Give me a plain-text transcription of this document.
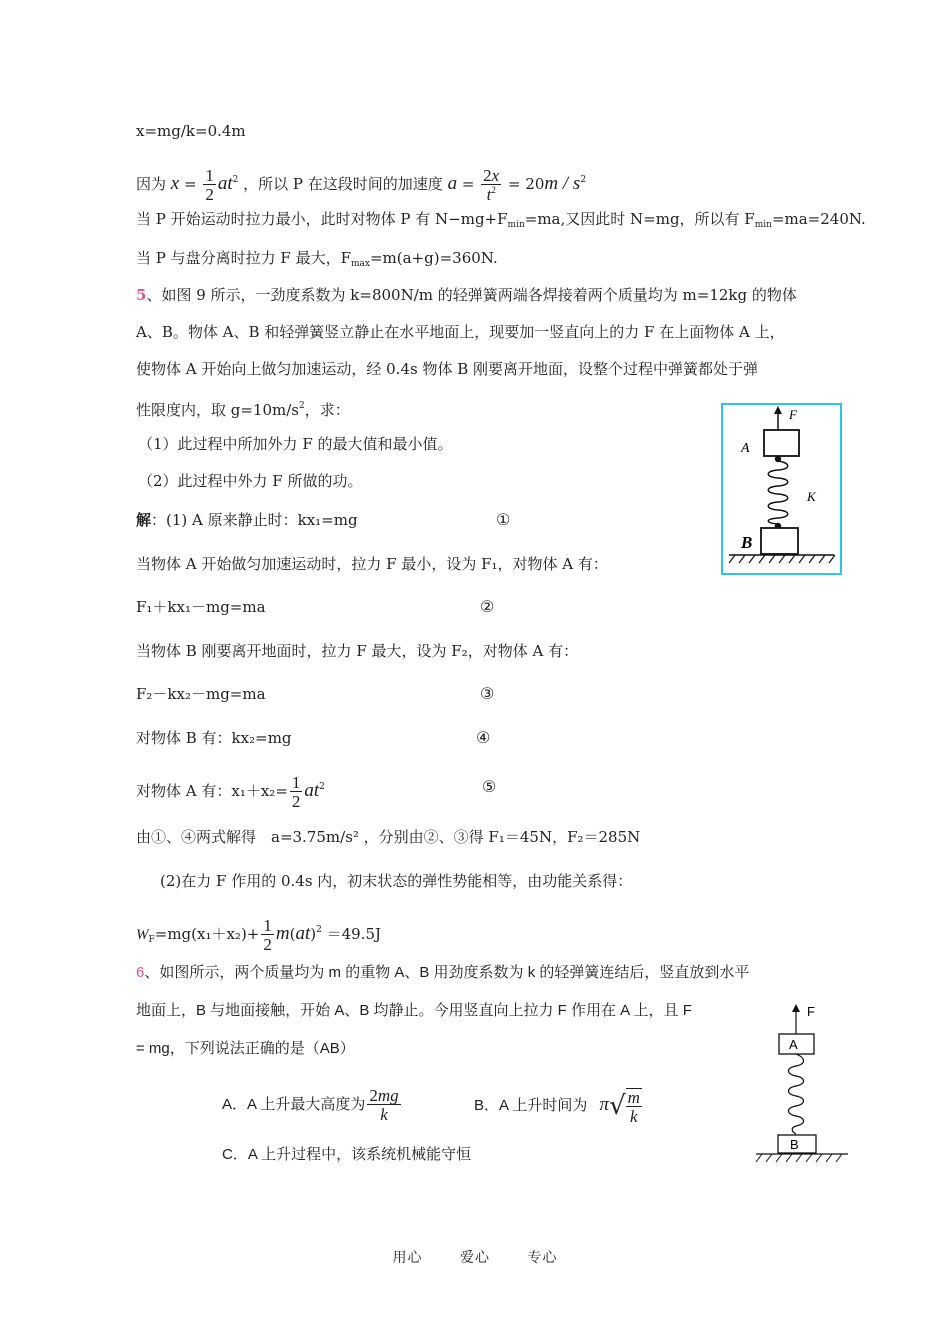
x=mg/k=0.4m
因为 $x = \frac{1}{2} at^2$ ，所以 P 在这段时间的加速度 $a = \frac{2x}{t^2} = 20m / s^2$
当 P 开始运动时拉力最小，此时对物体 P 有 $N-mg+F_{min}=ma$,又因此时 N=mg，所以有 $F_{min}=ma=240N$.
当 P 与盘分离时拉力 F 最大，$F_{max}=m(a+g)=360N$.
5、如图 9 所示，一劲度系数为 k=800N/m 的轻弹簧两端各焊接着两个质量均为 m=12kg 的物体
A、B。物体 A、B 和轻弹簧竖立静止在水平地面上，现要加一竖直向上的力 F 在上面物体 A 上，
使物体 A 开始向上做匀加速运动，经 0.4s 物体 B 刚要离开地面，设整个过程中弹簧都处于弹
性限度内，取 $g=10m/s^2$，求：
（1）此过程中所加外力 F 的最大值和最小值。
（2）此过程中外力 F 所做的功。
F
A
K
B
解：(1) A 原来静止时：kx₁=mg	①
当物体 A 开始做匀加速运动时，拉力 F 最小，设为 F₁，对物体 A 有：
F₁＋kx₁－mg=ma	②
当物体 B 刚要离开地面时，拉力 F 最大，设为 F₂，对物体 A 有：
F₂－kx₂－mg=ma	③
对物体 B 有：kx₂=mg	④
对物体 A 有：$x_1+x_2= \frac{1}{2} at^2$	⑤
由①、④两式解得　a=3.75m/s² ，分别由②、③得 F₁＝45N，F₂＝285N
(2)在力 F 作用的 0.4s 内，初末状态的弹性势能相等，由功能关系得：
$W_F=mg(x_1+x_2)+ \frac{1}{2} m(at)^2 =49.5J$
6、如图所示，两个质量均为 m 的重物 A、B 用劲度系数为 k 的轻弹簧连结后，竖直放到水平
地面上，B 与地面接触，开始 A、B 均静止。今用竖直向上拉力 F 作用在 A 上，且 F
= mg，下列说法正确的是（AB）
A．A 上升最大高度为 $\frac{2mg}{k}$	B．A 上升时间为 $\pi√ \frac{m}{k}$
C．A 上升过程中，该系统机械能守恒
F
A
B
用心	爱心	专心
